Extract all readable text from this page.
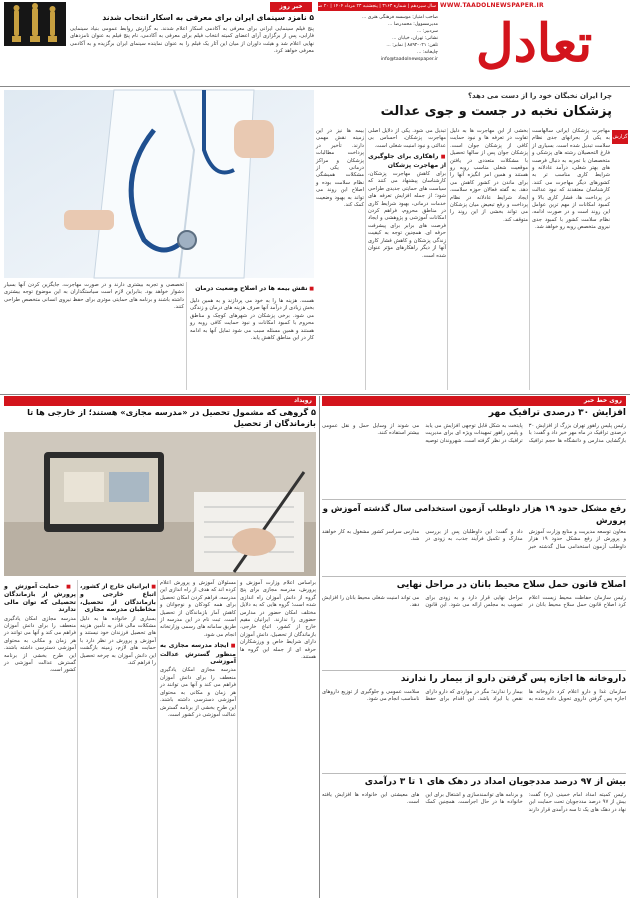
WWW.TAADOLNEWSPAPER.IR
تعادل
سال سیزدهم | شماره ۳۱۶۳ | پنجشنبه ۲۳ مرداد ۱۴۰۴ | ۲۰ صفر
صاحب امتیاز: موسسه فرهنگی هنری ...
مدیرمسوول: محمدرضا ...
سردبیر: ...
نشانی: تهران، خیابان ...
تلفن: ۰۲۱-۸۸۹۲ | نمابر: ...
چاپخانه: ...
info@taadolnewspaper.ir
خبر روز
۵ نامزد سینمای ایران برای معرفی به اسکار انتخاب شدند
پنج فیلم سینمایی ایرانی برای معرفی به آکادمی اسکار اعلام شدند. به گزارش روابط عمومی بنیاد سینمایی فارابی، پس از برگزاری آرای اعضای کمیته انتخاب فیلم برای معرفی به آکادمی، نام پنج فیلم به عنوان نامزدهای نهایی اعلام شد و هیئت داوران از میان این آثار یک فیلم را به عنوان نماینده سینمای ایران برگزیده و به آکادمی معرفی خواهد کرد.
چرا ایران نخبگان خود را از دست می دهد؟
پزشکان نخبه در جست و جوی عدالت
گزارش
مهاجرت پزشکان ایرانی سالهاست به یکی از بحرانهای جدی نظام سلامت تبدیل شده است. بسیاری از فارغ التحصیلان رشته های پزشکی و متخصصان با تجربه به دنبال فرصت های بهتر شغلی، درآمد عادلانه و شرایط کاری مناسب تر به کشورهای دیگر مهاجرت می کنند. کارشناسان معتقدند که نبود عدالت در پرداخت ها، فشار کاری بالا و کمبود امکانات از مهم ترین عوامل این روند است و در صورت ادامه، نظام سلامت کشور با کمبود جدی نیروی متخصص روبه رو خواهد شد.
بخشی از این مهاجرت ها به دلیل تفاوت در تعرفه ها و نبود حمایت کافی از پزشکان جوان است. پزشکان جوان پس از سالها تحصیل با مشکلات متعددی در یافتن موقعیت شغلی مناسب روبه رو هستند و همین امر انگیزه آنها را برای ماندن در کشور کاهش می دهد. به گفته فعالان حوزه سلامت، ایجاد شرایط عادلانه در نظام پرداخت و رفع تبعیض میان پزشکان می تواند بخشی از این روند را متوقف کند.
تبدیل می شود. یکی از دلایل اصلی مهاجرت پزشکان، احساس بی عدالتی و نبود امنیت شغلی است.
■ راهکاری برای جلوگیری از مهاجرت پزشکان
برای کاهش مهاجرت پزشکان، کارشناسان پیشنهاد می کنند که سیاست های حمایتی جدیدی طراحی شود؛ از جمله افزایش تعرفه های خدمات درمانی، بهبود شرایط کاری در مناطق محروم، فراهم کردن امکانات آموزشی و پژوهشی و ایجاد فرصت های برابر برای پیشرفت حرفه ای. همچنین توجه به کیفیت زندگی پزشکان و کاهش فشار کاری آنها از دیگر راهکارهای مؤثر عنوان شده است.
بیمه ها نیز در این زمینه نقش مهمی دارند. تأخیر در پرداخت مطالبات پزشکان و مراکز درمانی یکی از مشکلات همیشگی نظام سلامت بوده و اصلاح این روند می تواند به بهبود وضعیت کمک کند.
■ نقش بیمه ها در اصلاح وضعیت درمان
هست. هزینه ها را به خود می پردازند و به همین دلیل بخش زیادی از درآمد آنها صرف هزینه های درمان و زندگی می شود. برخی پزشکان در شهرهای کوچک و مناطق محروم با کمبود امکانات و نبود حمایت کافی روبه رو هستند و همین مسئله سبب می شود تمایل آنها به ادامه کار در این مناطق کاهش یابد.
تخصصی و تجربه بیشتری دارند و در صورت مهاجرت، جایگزین کردن آنها بسیار دشوار خواهد بود. بنابراین لازم است سیاستگذاران به این موضوع توجه بیشتری داشته باشند و برنامه های حمایتی موثری برای حفظ نیروی انسانی متخصص طراحی کنند.
رویداد
۵ گروهی که مشمول تحصیل در «مدرسه مجازی» هستند؛ از خارجی ها تا بازماندگان از تحصیل
براساس اعلام وزارت آموزش و پرورش، مدرسه مجازی برای پنج گروه از دانش آموزان راه اندازی شده است؛ گروه هایی که به دلایل مختلف امکان حضور در مدارس حضوری را ندارند. ایرانیان مقیم خارج از کشور، اتباع خارجی، بازماندگان از تحصیل، دانش آموزان دارای شرایط خاص و ورزشکاران حرفه ای از جمله این گروه ها هستند.
مسئولان آموزش و پرورش اعلام کرده اند که هدف از راه اندازی این مدرسه، فراهم کردن امکان تحصیل برای همه کودکان و نوجوانان و کاهش آمار بازماندگان از تحصیل است. ثبت نام در این مدرسه از طریق سامانه های رسمی وزارتخانه انجام می شود.
■ ایجاد مدرسه مجازی به منظور گسترش عدالت آموزشی
مدرسه مجازی امکان یادگیری منعطف را برای دانش آموزان فراهم می کند و آنها می توانند در هر زمان و مکانی به محتوای آموزشی دسترسی داشته باشند. این طرح بخشی از برنامه گسترش عدالت آموزشی در کشور است.
■ ایرانیان خارج از کشور، اتباع خارجی و بازماندگان از تحصیل، مخاطبان مدرسه مجازی
بسیاری از خانواده ها به دلیل مشکلات مالی قادر به تأمین هزینه های تحصیل فرزندان خود نیستند و آموزش و پرورش در نظر دارد با حمایت های لازم، زمینه بازگشت این دانش آموزان به چرخه تحصیل را فراهم کند.
■ حمایت آموزش و پرورش از بازماندگان تحصیلی که توان مالی ندارند
مدرسه مجازی امکان یادگیری منعطف را برای دانش آموزان فراهم می کند و آنها می توانند در هر زمان و مکانی به محتوای آموزشی دسترسی داشته باشند. این طرح بخشی از برنامه گسترش عدالت آموزشی در کشور است.
روی خط خبر
افزایش ۳۰ درصدی ترافیک مهر
رئیس پلیس راهور تهران بزرگ از افزایش ۳۰ درصدی ترافیک در ماه مهر خبر داد و گفت: با بازگشایی مدارس و دانشگاه ها حجم ترافیک پایتخت به شکل قابل توجهی افزایش می یابد و پلیس راهور تمهیدات ویژه ای برای مدیریت ترافیک در نظر گرفته است. شهروندان توصیه می شوند از وسایل حمل و نقل عمومی بیشتر استفاده کنند.
رفع مشکل حدود ۱۹ هزار داوطلب آزمون استخدامی سال گذشته آموزش و پرورش
معاون توسعه مدیریت و منابع وزارت آموزش و پرورش از رفع مشکل حدود ۱۹ هزار داوطلب آزمون استخدامی سال گذشته خبر داد و گفت: این داوطلبان پس از بررسی مدارک و تکمیل فرآیند جذب، به زودی در مدارس سراسر کشور مشغول به کار خواهند شد.
اصلاح قانون حمل سلاح محیط بانان در مراحل نهایی
رئیس سازمان حفاظت محیط زیست اعلام کرد اصلاح قانون حمل سلاح محیط بانان در مراحل نهایی قرار دارد و به زودی برای تصویب به مجلس ارائه می شود. این قانون می تواند امنیت شغلی محیط بانان را افزایش دهد.
داروخانه ها اجازه پس گرفتن دارو از بیمار را ندارند
سازمان غذا و دارو اعلام کرد داروخانه ها اجازه پس گرفتن داروی تحویل داده شده به بیمار را ندارند؛ مگر در مواردی که دارو دارای نقص یا ایراد باشد. این اقدام برای حفظ سلامت عمومی و جلوگیری از توزیع داروهای نامناسب انجام می شود.
بیش از ۹۷ درصد مددجویان امداد در دهک های ۱ تا ۳ درآمدی
رئیس کمیته امداد امام خمینی (ره) گفت: بیش از ۹۷ درصد مددجویان تحت حمایت این نهاد در دهک های یک تا سه درآمدی قرار دارند و برنامه های توانمندسازی و اشتغال برای این خانواده ها در حال اجراست. همچنین کمک های معیشتی این خانواده ها افزایش یافته است.
